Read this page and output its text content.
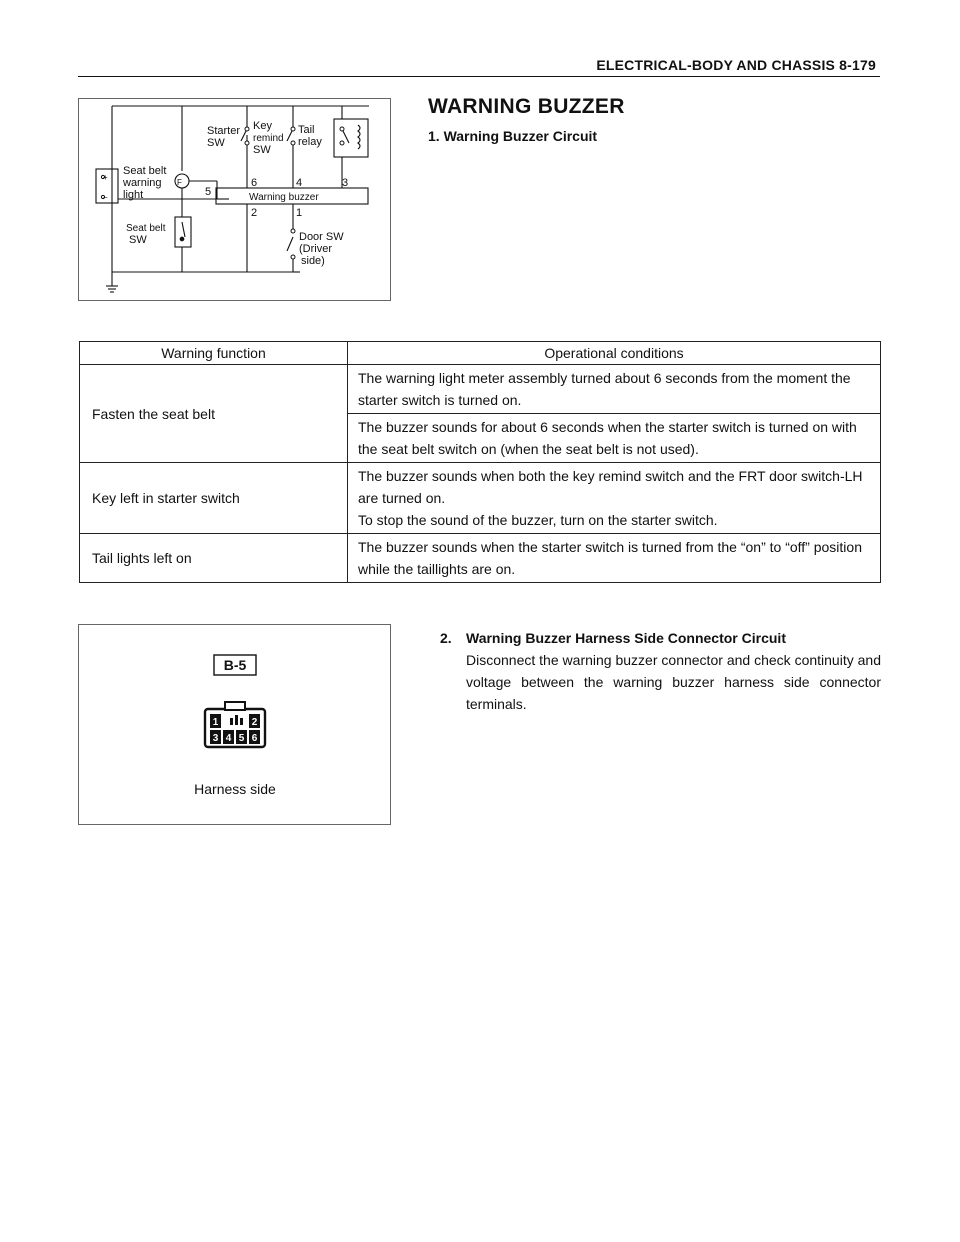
ELECTRICAL-BODY AND CHASSIS 8-179
+
−
F
Starter
SW
Key
remind
SW
Tail
relay
Seat belt
warning
light
Seat belt
SW	Door SW
(Driver
side)
Warning buzzer
6	4	3
5
2	1
WARNING BUZZER
1. Warning Buzzer Circuit
Warning function	Operational conditions
Fasten the seat belt	The warning light meter assembly turned about 6 seconds from the moment the starter switch is turned on.
	The buzzer sounds for about 6 seconds when the starter switch is turned on with the seat belt switch on (when the seat belt is not used).
Key left in starter switch	The buzzer sounds when both the key remind switch and the FRT door switch-LH are turned on.
To stop the sound of the buzzer, turn on the starter switch.

Tail lights left on	The buzzer sounds when the starter switch is turned from the “on” to “off” position while the taillights are on.
B-5
1	2
3 4 5 6
Harness side
2. Warning Buzzer Harness Side Connector Circuit
Disconnect the warning buzzer connector and check continuity and voltage between the warning buzzer harness side connector terminals.
